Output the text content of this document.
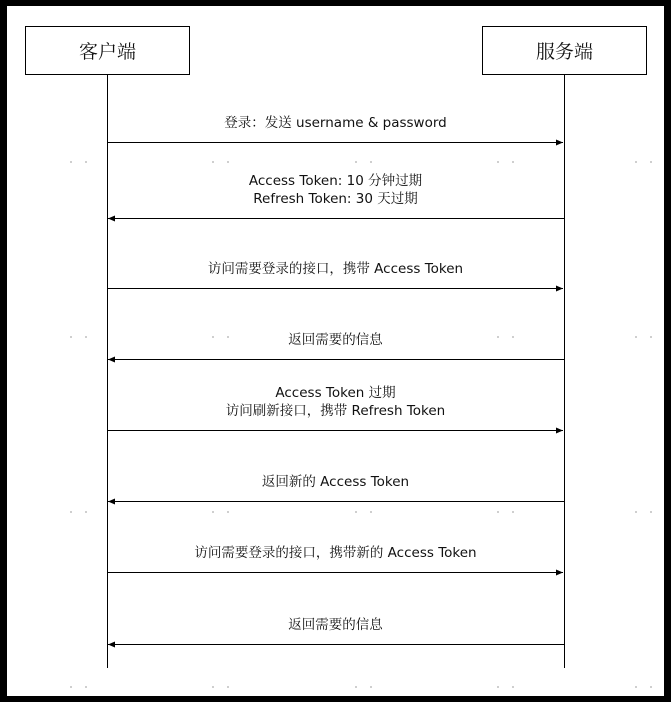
客户端	服务端
登录：发送 username & password
Access Token: 10 分钟过期
Refresh Token: 30 天过期
访问需要登录的接口，携带 Access Token
返回需要的信息
Access Token 过期
访问刷新接口，携带 Refresh Token
返回新的 Access Token
访问需要登录的接口，携带新的 Access Token
返回需要的信息
